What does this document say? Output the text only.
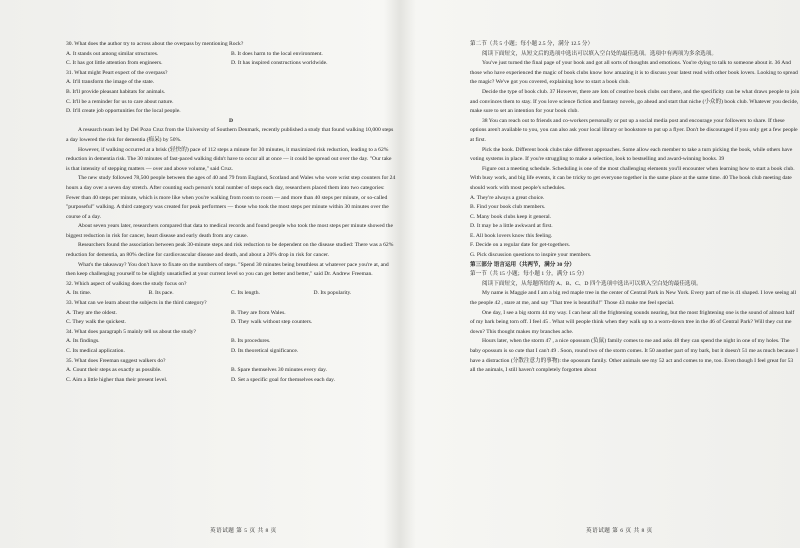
30. What does the author try to across about the overpass by mentioning Rock?

A. It stands out among similar structures.	B. It does harm to the local environment.
C. It has got little attention from engineers.	D. It has inspired constructions worldwide.

31. What might Peart expect of the overpass?

A. It'll transform the image of the state.
B. It'll provide pleasant habitats for animals.
C. It'll be a reminder for us to care about nature.
D. It'll create job opportunities for the local people.

D

A research team led by Del Pozo Cruz from the University of Southern Denmark, recently published a study that found walking 10,000 steps a day lowered the risk for dementia (痴呆) by 50%.

However, if walking occurred at a brisk (轻快的) pace of 112 steps a minute for 30 minutes, it maximized risk reduction, leading to a 62% reduction in dementia risk. The 30 minutes of fast-paced walking didn't have to occur all at once — it could be spread out over the day. "Our take is that intensity of stepping matters — over and above volume," said Cruz.

The new study followed 78,500 people between the ages of 40 and 79 from England, Scotland and Wales who wore wrist step counters for 24 hours a day over a seven day stretch. After counting each person's total number of steps each day, researchers placed them into two categories: Fewer than 40 steps per minute, which is more like when you're walking from room to room — and more than 40 steps per minute, or so-called "purposeful" walking. A third category was created for peak performers — those who took the most steps per minute within 30 minutes over the course of a day.

About seven years later, researchers compared that data to medical records and found people who took the most steps per minute showed the biggest reduction in risk for cancer, heart disease and early death from any cause.

Researchers found the association between peak 30-minute steps and risk reduction to be dependent on the disease studied: There was a 62% reduction for dementia, an 80% decline for cardiovascular disease and death, and about a 20% drop in risk for cancer.

What's the takeaway? You don't have to fixate on the numbers of steps. "Spend 30 minutes being breathless at whatever pace you're at, and then keep challenging yourself to be slightly unsatisfied at your current level so you can get better and better," said Dr. Andrew Freeman.

32. Which aspect of walking does the study focus on?

A. Its time.	B. Its pace.	C. Its length.	D. Its popularity.

33. What can we learn about the subjects in the third category?

A. They are the oldest.	B. They are from Wales.
C. They walk the quickest.	D. They walk without step counters.

34. What does paragraph 5 mainly tell us about the study?

A. Its findings.	B. Its procedures.
C. Its medical application.	D. Its theoretical significance.

35. What does Freeman suggest walkers do?

A. Count their steps as exactly as possible.	B. Spare themselves 30 minutes every day.
C. Aim a little higher than their present level.	D. Set a specific goal for themselves each day.

第二节（共 5 小题；每小题 2.5 分，满分 12.5 分）

阅读下面短文，从短文后的选项中选出可以填入空白处的最佳选项。选项中有两项为多余选项。

You've just turned the final page of your book and got all sorts of thoughts and emotions. You're dying to talk to someone about it. 36 And those who have experienced the magic of book clubs know how amazing it is to discuss your latest read with other book lovers. Looking to spread the magic? We've got you covered, explaining how to start a book club.

Decide the type of book club. 37 However, there are lots of creative book clubs out there, and the specificity can be what draws people to join and convinces them to stay. If you love science fiction and fantasy novels, go ahead and start that niche (小众的) book club. Whatever you decide, make sure to set an intention for your book club.

38 You can reach out to friends and co-workers personally or put up a social media post and encourage your followers to share. If these options aren't available to you, you can also ask your local library or bookstore to put up a flyer. Don't be discouraged if you only get a few people at first.

Pick the book. Different book clubs take different approaches. Some allow each member to take a turn picking the book, while others have voting systems in place. If you're struggling to make a selection, look to bestselling and award-winning books. 39

Figure out a meeting schedule. Scheduling is one of the most challenging elements you'll encounter when learning how to start a book club. With busy work, and big life events, it can be tricky to get everyone together in the same place at the same time. 40 The book club meeting date should work with most people's schedules.

A. They're always a great choice.
B. Find your book club members.
C. Many book clubs keep it general.
D. It may be a little awkward at first.
E. All book lovers know this feeling.
F. Decide on a regular date for get-togethers.
G. Pick discussion questions to inspire your members.

第三部分 语言运用（共两节，满分 30 分）

第一节（共 15 小题；每小题 1 分，满分 15 分）

阅读下面短文，从每题所给的 A、B、C、D 四个选项中选出可以填入空白处的最佳选项。

My name is Maggie and I am a big red maple tree in the center of Central Park in New York. Every part of me is 41 shaped. I love seeing all the people 42 , stare at me, and say "That tree is beautiful!" Those 43 make me feel special.

One day, I see a big storm 44 my way. I can hear all the frightening sounds nearing, but the most frightening one is the sound of almost half of my bark being torn off. I feel 45 . What will people think when they walk up to a worn-down tree in the 46 of Central Park? Will they cut me down? This thought makes my branches ache.

Hours later, when the storm 47 , a nice opossum (负鼠) family comes to me and asks 48 they can spend the night in one of my holes. The baby opossum is so cute that I can't 49 . Soon, round two of the storm comes. It 50 another part of my bark, but it doesn't 51 me as much because I have a distraction (分散注意力的事物): the opossum family. Other animals see my 52 act and comes to me, too. Even though I feel great for 53 all the animals, I still haven't completely forgotten about

英语试题 第 5 页 共 8 页	英语试题 第 6 页 共 8 页
